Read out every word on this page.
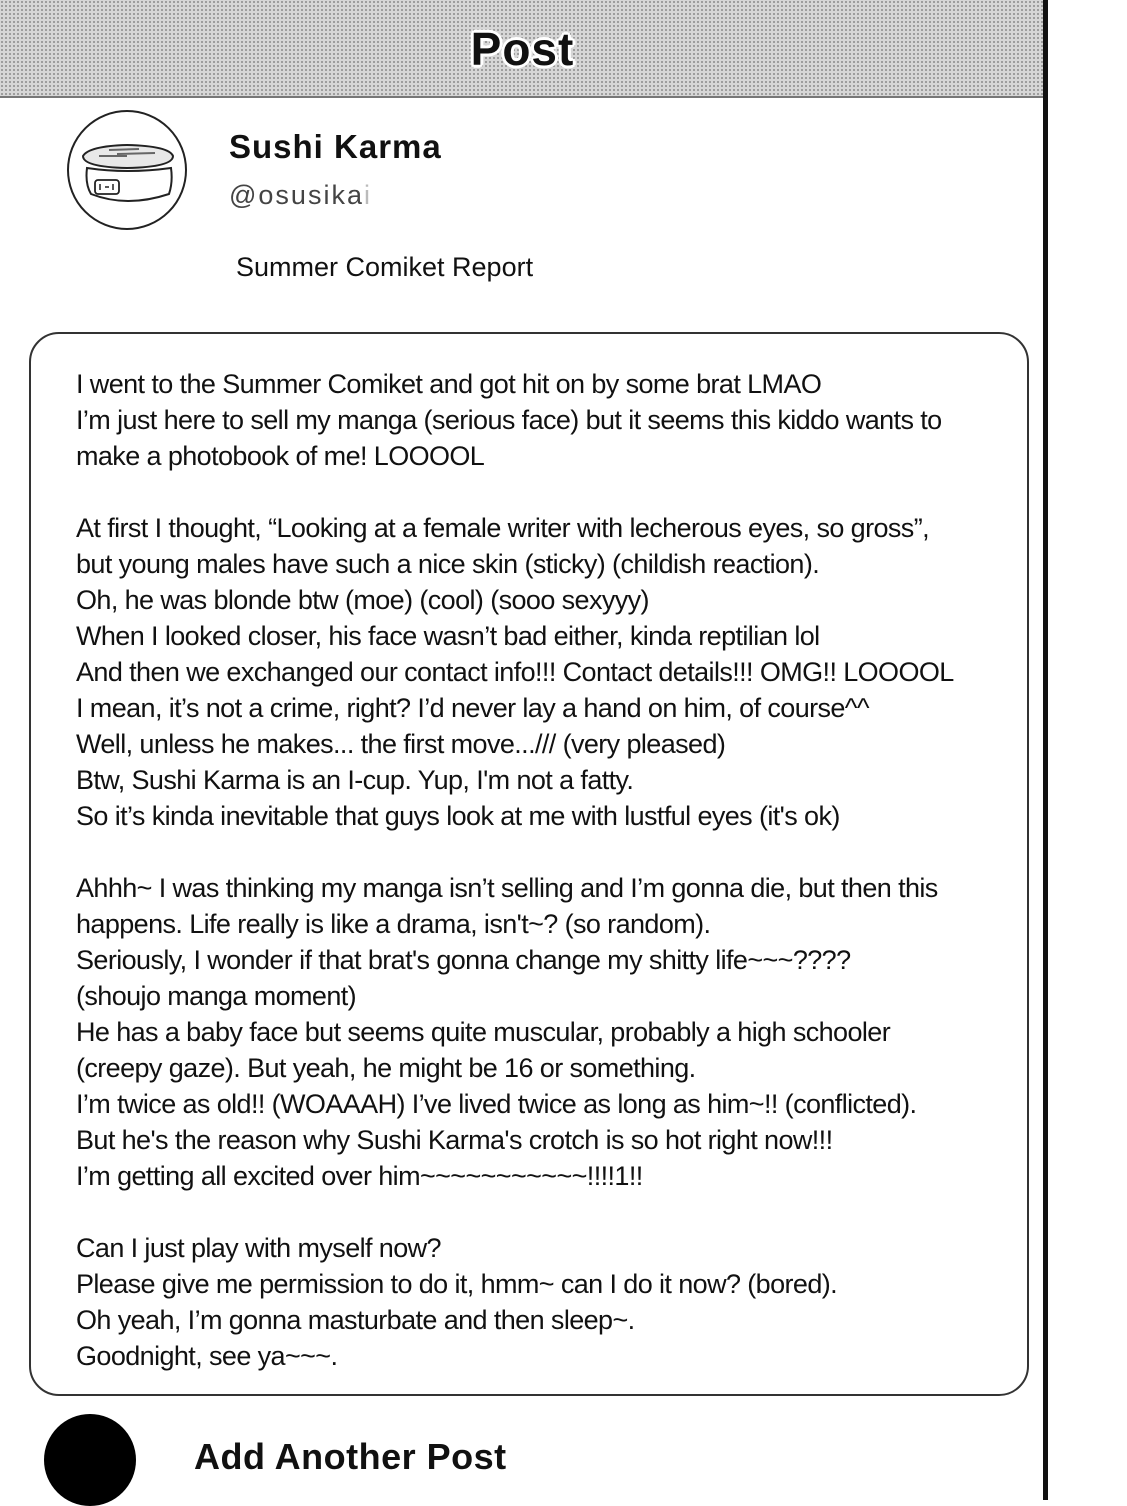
Post
Sushi Karma
@osusikai
Summer Comiket Report
I went to the Summer Comiket and got hit on by some brat LMAO
I’m just here to sell my manga (serious face) but it seems this kiddo wants to
make a photobook of me! LOOOOL
At first I thought, “Looking at a female writer with lecherous eyes, so gross”,
but young males have such a nice skin (sticky) (childish reaction).
Oh, he was blonde btw (moe) (cool) (sooo sexyyy)
When I looked closer, his face wasn’t bad either, kinda reptilian lol
And then we exchanged our contact info!!! Contact details!!! OMG!! LOOOOL
I mean, it’s not a crime, right? I’d never lay a hand on him, of course^^
Well, unless he makes... the first move.../// (very pleased)
Btw, Sushi Karma is an I-cup. Yup, I'm not a fatty.
So it’s kinda inevitable that guys look at me with lustful eyes (it's ok)
Ahhh~ I was thinking my manga isn’t selling and I’m gonna die, but then this
happens. Life really is like a drama, isn't~? (so random).
Seriously, I wonder if that brat's gonna change my shitty life~~~????
(shoujo manga moment)
He has a baby face but seems quite muscular, probably a high schooler
(creepy gaze). But yeah, he might be 16 or something.
I’m twice as old!! (WOAAAH) I’ve lived twice as long as him~!! (conflicted).
But he's the reason why Sushi Karma's crotch is so hot right now!!!
I’m getting all excited over him~~~~~~~~~~~!!!!1!!
Can I just play with myself now?
Please give me permission to do it, hmm~ can I do it now? (bored).
Oh yeah, I’m gonna masturbate and then sleep~.
Goodnight, see ya~~~.
Add Another Post
